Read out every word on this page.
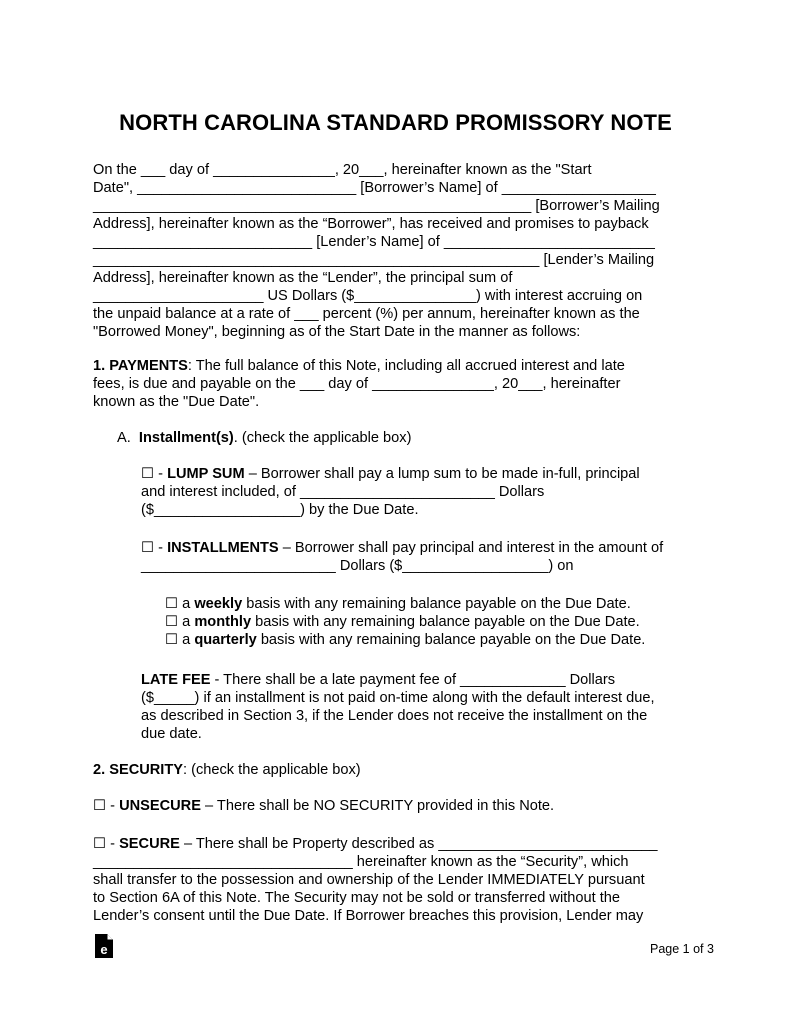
NORTH CAROLINA STANDARD PROMISSORY NOTE
On the ___ day of _______________, 20___, hereinafter known as the "Start
Date", ___________________________ [Borrower’s Name] of ___________________
______________________________________________________ [Borrower’s Mailing
Address], hereinafter known as the “Borrower”, has received and promises to payback
___________________________ [Lender’s Name] of __________________________
_______________________________________________________ [Lender’s Mailing
Address], hereinafter known as the “Lender”, the principal sum of
_____________________ US Dollars ($_______________) with interest accruing on
the unpaid balance at a rate of ___ percent (%) per annum, hereinafter known as the
"Borrowed Money", beginning as of the Start Date in the manner as follows:
1. PAYMENTS: The full balance of this Note, including all accrued interest and late
fees, is due and payable on the ___ day of _______________, 20___, hereinafter
known as the "Due Date".
A.  Installment(s). (check the applicable box)
☐ - LUMP SUM – Borrower shall pay a lump sum to be made in-full, principal
and interest included, of ________________________ Dollars
($__________________) by the Due Date.
☐ - INSTALLMENTS – Borrower shall pay principal and interest in the amount of
________________________ Dollars ($__________________) on
☐ a weekly basis with any remaining balance payable on the Due Date.
☐ a monthly basis with any remaining balance payable on the Due Date.
☐ a quarterly basis with any remaining balance payable on the Due Date.
LATE FEE - There shall be a late payment fee of _____________ Dollars
($_____) if an installment is not paid on-time along with the default interest due,
as described in Section 3, if the Lender does not receive the installment on the
due date.
2. SECURITY: (check the applicable box)
☐ - UNSECURE – There shall be NO SECURITY provided in this Note.
☐ - SECURE – There shall be Property described as ___________________________
________________________________ hereinafter known as the “Security”, which
shall transfer to the possession and ownership of the Lender IMMEDIATELY pursuant
to Section 6A of this Note. The Security may not be sold or transferred without the
Lender’s consent until the Due Date. If Borrower breaches this provision, Lender may
e	Page 1 of 3
